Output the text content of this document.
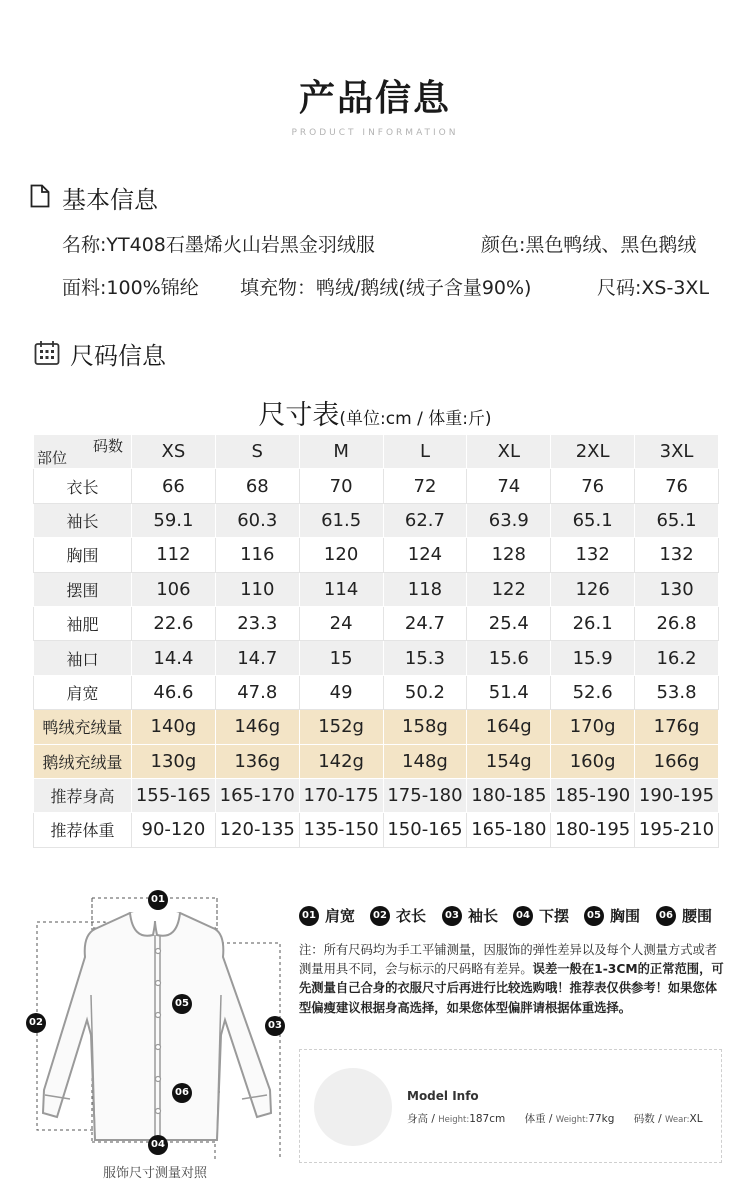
产品信息
PRODUCT INFORMATION
基本信息
名称:YT408石墨烯火山岩黑金羽绒服	颜色:黑色鸭绒、黑色鹅绒
面料:100%锦纶 填充物：鸭绒/鹅绒(绒子含量90%)	尺码:XS-3XL
尺码信息
尺寸表(单位:cm / 体重:斤)
码数
部位	XS	S	M	L	XL	2XL	3XL
衣长	66	68	70	72	74	76	76
袖长	59.1	60.3	61.5	62.7	63.9	65.1	65.1
胸围	112	116	120	124	128	132	132
摆围	106	110	114	118	122	126	130
袖肥	22.6	23.3	24	24.7	25.4	26.1	26.8
袖口	14.4	14.7	15	15.3	15.6	15.9	16.2
肩宽	46.6	47.8	49	50.2	51.4	52.6	53.8
鸭绒充绒量	140g	146g	152g	158g	164g	170g	176g
鹅绒充绒量	130g	136g	142g	148g	154g	160g	166g
推荐身高	155-165	165-170	170-175	175-180	180-185	185-190	190-195
推荐体重	90-120	120-135	135-150	150-165	165-180	180-195	195-210
01
02	03
04
05
06
服饰尺寸测量对照
01 肩宽	02 衣长	03 袖长	04 下摆	05 胸围	06 腰围
注：所有尺码均为手工平铺测量，因服饰的弹性差异以及每个人测量方式或者测量用具不同，会与标示的尺码略有差异。误差一般在1-3CM的正常范围，可先测量自己合身的衣服尺寸后再进行比较选购哦！推荐表仅供参考！如果您体型偏瘦建议根据身高选择，如果您体型偏胖请根据体重选择。
Model Info
身高 / Height:187cm 体重 / Weight:77kg 码数 / Wear:XL
